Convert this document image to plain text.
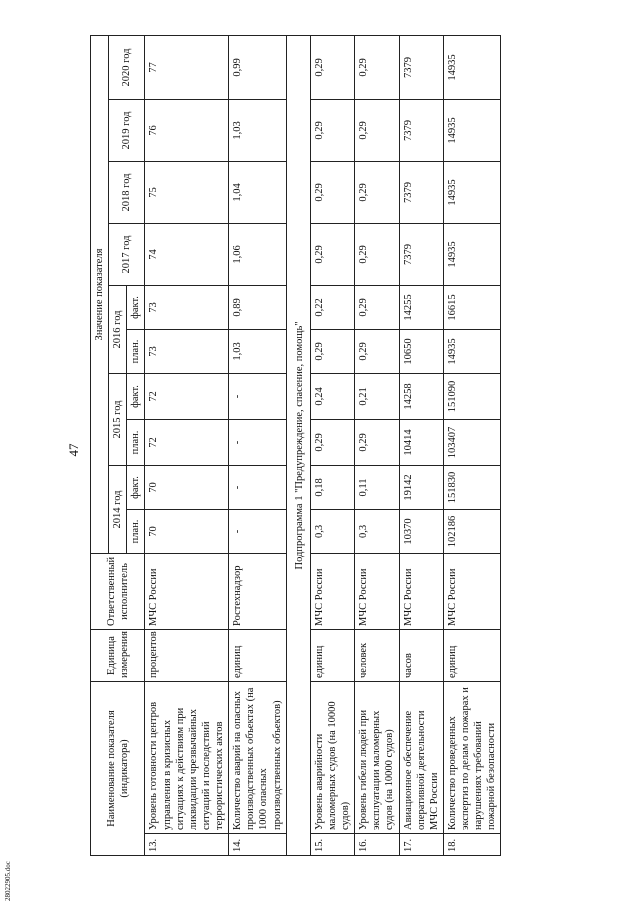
47
Наименование показателя (индикатора)		Единица измерения	Ответственный исполнитель	Значение показателя									
				2014 год		2015 год		2016 год		2017 год	2018 год	2019 год	2020 год
				план.	факт.	план.	факт.	план.	факт.				
13.	Уровень готовности центров управления в кризисных ситуациях к действиям при ликвидации чрезвычайных ситуаций и последствий террористических актов	процентов	МЧС России	70	70	72	72	73	73	74	75	76	77
14.	Количество аварий на опасных производственных объектах (на 1000 опасных производственных объектов)	единиц	Ростехнадзор	-	-	-	-	1,03	0,89	1,06	1,04	1,03	0,99
Подпрограмма 1 "Предупреждение, спасение, помощь"													
15.	Уровень аварийности маломерных судов (на 10000 судов)	единиц	МЧС России	0,3	0,18	0,29	0,24	0,29	0,22	0,29	0,29	0,29	0,29
16.	Уровень гибели людей при эксплуатации маломерных судов (на 10000 судов)	человек	МЧС России	0,3	0,11	0,29	0,21	0,29	0,29	0,29	0,29	0,29	0,29
17.	Авиационное обеспечение оперативной деятельности МЧС России	часов	МЧС России	10370	19142	10414	14258	10650	14255	7379	7379	7379	7379
18.	Количество проведенных экспертиз по делам о пожарах и нарушениях требований пожарной безопасности	единиц	МЧС России	102186	151830	103407	151090	14935	16615	14935	14935	14935	14935
28022905.doc
